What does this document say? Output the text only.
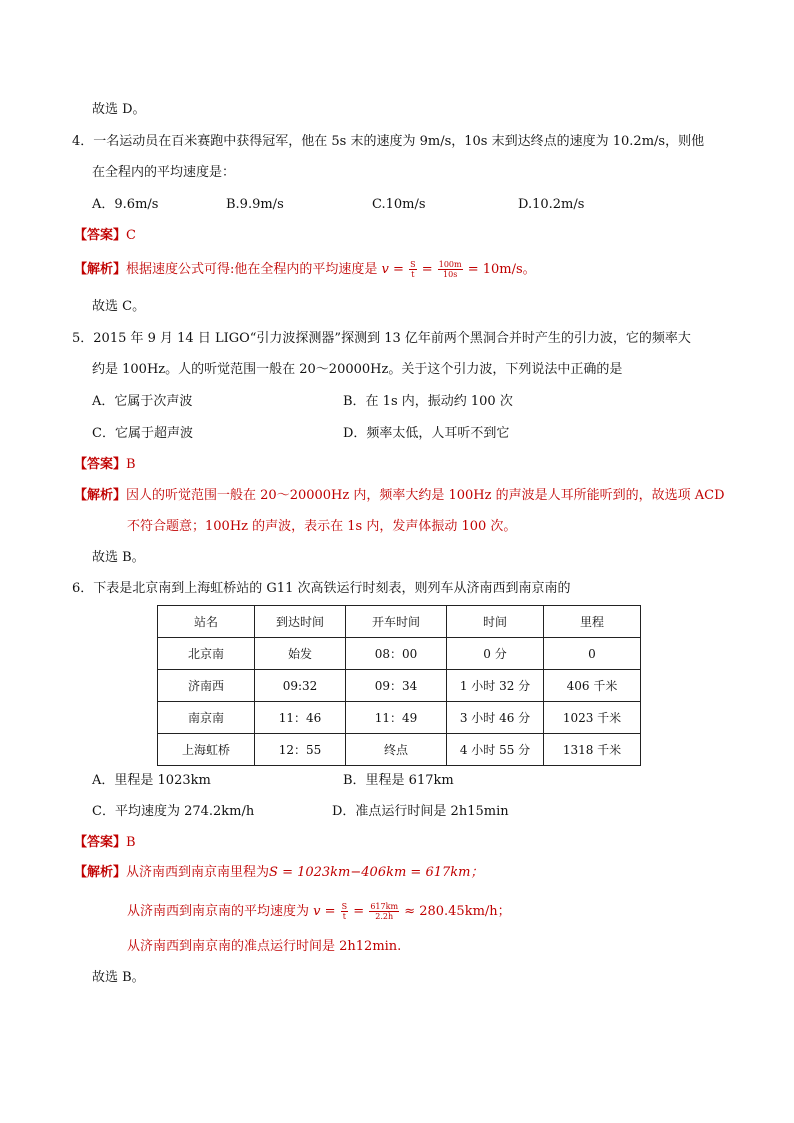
故选 D。
4．一名运动员在百米赛跑中获得冠军，他在 5s 末的速度为 9m/s，10s 末到达终点的速度为 10.2m/s，则他
在全程内的平均速度是：
A．9.6m/s	B.9.9m/s	C.10m/s	D.10.2m/s
【答案】C
【解析】根据速度公式可得:他在全程内的平均速度是 $v = \frac{S}{t} = \frac{100m}{10s} = 10m/s$。
故选 C。
5．2015 年 9 月 14 日 LIGO“引力波探测器”探测到 13 亿年前两个黑洞合并时产生的引力波，它的频率大
约是 100Hz。人的听觉范围一般在 20～20000Hz。关于这个引力波，下列说法中正确的是
A．它属于次声波	B．在 1s 内，振动约 100 次
C．它属于超声波	D．频率太低，人耳听不到它
【答案】B
【解析】因人的听觉范围一般在 20～20000Hz 内，频率大约是 100Hz 的声波是人耳所能听到的，故选项 ACD
不符合题意；100Hz 的声波，表示在 1s 内，发声体振动 100 次。
故选 B。
6．下表是北京南到上海虹桥站的 G11 次高铁运行时刻表，则列车从济南西到南京南的
站名	到达时间	开车时间	时间	里程
北京南	始发	08：00	0 分	0
济南西	09:32	09：34	1 小时 32 分	406 千米
南京南	11：46	11：49	3 小时 46 分	1023 千米
上海虹桥	12：55	终点	4 小时 55 分	1318 千米
A．里程是 1023km	B．里程是 617km
C．平均速度为 274.2km/h	D．准点运行时间是 2h15min
【答案】B
【解析】从济南西到南京南里程为S = 1023km−406km = 617km；
从济南西到南京南的平均速度为 $v = \frac{S}{t} = \frac{617km}{2.2h} \approx 280.45km/h$；
从济南西到南京南的准点运行时间是 2h12min.
故选 B。
